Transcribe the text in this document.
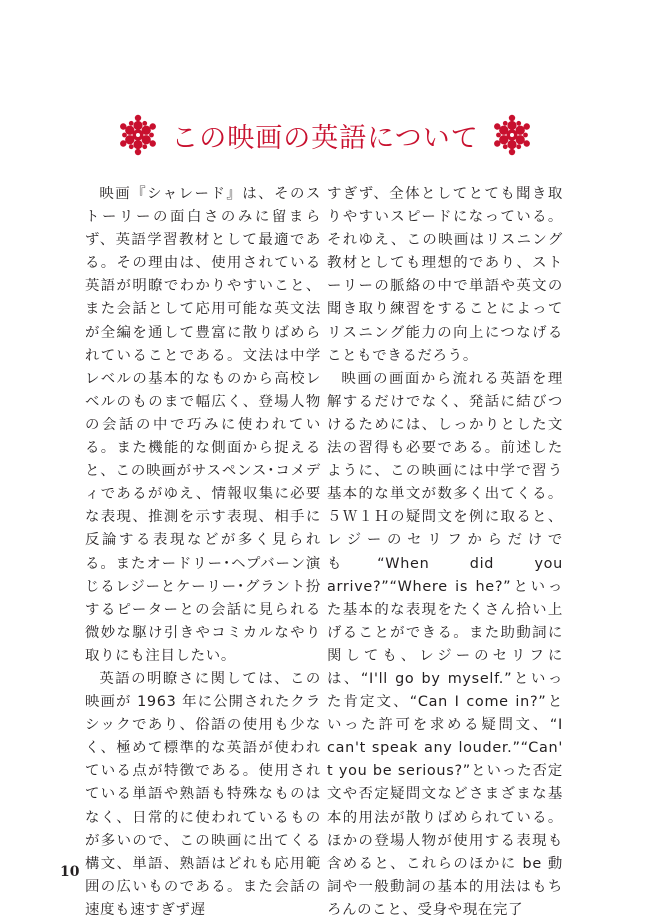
この映画の英語について

映画『シャレード』は、そのストーリーの面白さのみに留まらず、英語学習教材として最適である。その理由は、使用されている英語が明瞭でわかりやすいこと、また会話として応用可能な英文法が全編を通して豊富に散りばめられていることである。文法は中学レベルの基本的なものから高校レベルのものまで幅広く、登場人物の会話の中で巧みに使われている。また機能的な側面から捉えると、この映画がサスペンス･コメディであるがゆえ、情報収集に必要な表現、推測を示す表現、相手に反論する表現などが多く見られる。またオードリー･ヘプバーン演じるレジーとケーリー･グラント扮するピーターとの会話に見られる微妙な駆け引きやコミカルなやり取りにも注目したい。

英語の明瞭さに関しては、この映画が 1963 年に公開されたクラシックであり、俗語の使用も少なく、極めて標準的な英語が使われている点が特徴である。使用されている単語や熟語も特殊なものはなく、日常的に使われているものが多いので、この映画に出てくる構文、単語、熟語はどれも応用範囲の広いものである。また会話の速度も速すぎず遅

すぎず、全体としてとても聞き取りやすいスピードになっている。それゆえ、この映画はリスニング教材としても理想的であり、ストーリーの脈絡の中で単語や英文の聞き取り練習をすることによってリスニング能力の向上につなげることもできるだろう。

映画の画面から流れる英語を理解するだけでなく、発話に結びつけるためには、しっかりとした文法の習得も必要である。前述したように、この映画には中学で習う基本的な単文が数多く出てくる。５Ｗ１Ｈの疑問文を例に取ると、レジーのセリフからだけでも“When did you arrive?”“Where is he?”といった基本的な表現をたくさん拾い上げることができる。また助動詞に関しても、レジーのセリフには、“I'll go by myself.”といった肯定文、“Can I come in?”といった許可を求める疑問文、“I can't speak any louder.”“Can' t you be serious?”といった否定文や否定疑問文などさまざまな基本的用法が散りばめられている。ほかの登場人物が使用する表現も含めると、これらのほかに be 動詞や一般動詞の基本的用法はもちろんのこと、受身や現在完了

10
